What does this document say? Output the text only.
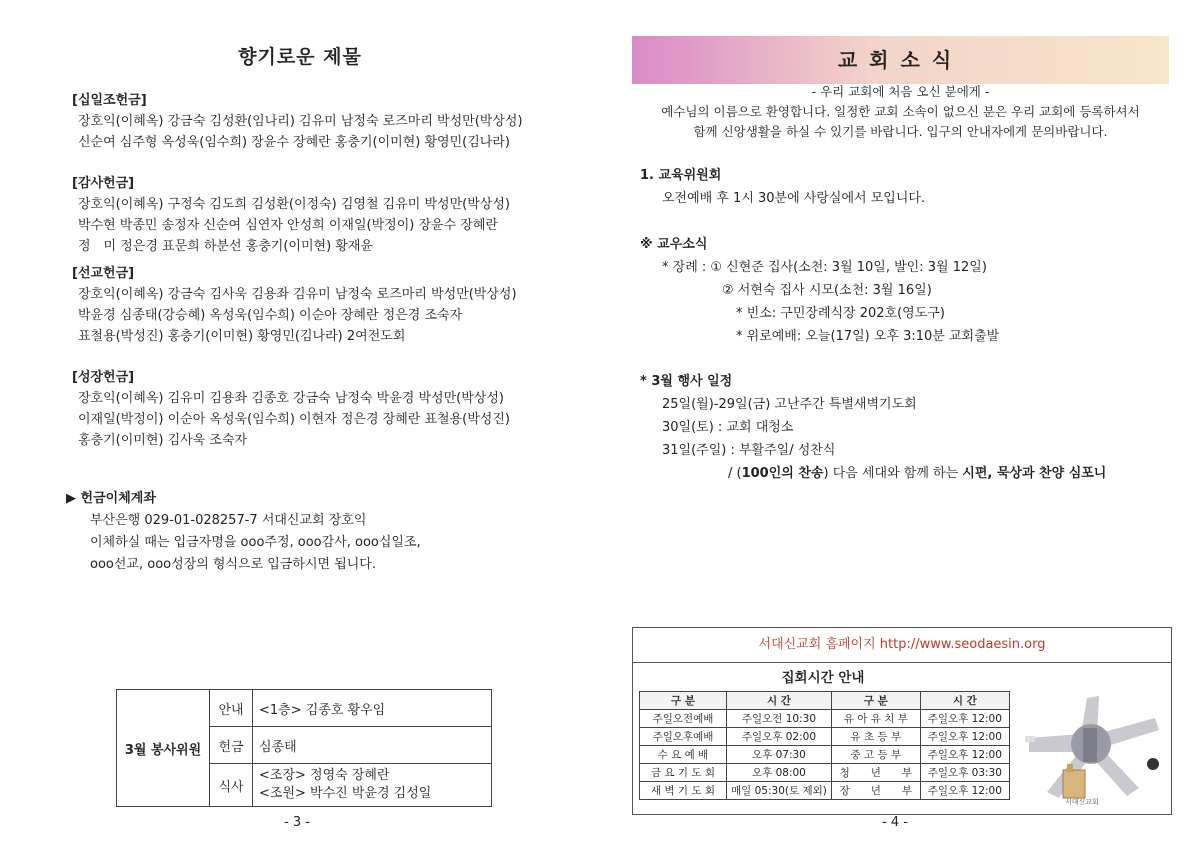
향기로운 제물
[십일조헌금]
장호익(이혜옥) 강금숙 김성환(임나리) 김유미 남정숙 로즈마리 박성만(박상성)
신순여 심주형 옥성욱(임수희) 장윤수 장혜란 홍충기(이미현) 황영민(김나라)
[감사헌금]
장호익(이혜옥) 구정숙 김도희 김성환(이정숙) 김영철 김유미 박성만(박상성)
박수현 박종민 송정자 신순여 심연자 안성희 이재일(박정이) 장윤수 장혜란
정　미 정은경 표문희 하분선 홍충기(이미현) 황재윤
[선교헌금]
장호익(이혜옥) 강금숙 김사욱 김용좌 김유미 남정숙 로즈마리 박성만(박상성)
박윤경 심종태(강승혜) 옥성욱(임수희) 이순아 장혜란 정은경 조숙자
표철용(박성진) 홍충기(이미현) 황영민(김나라) 2여전도회
[성장헌금]
장호익(이혜옥) 김유미 김용좌 김종호 강금숙 남정숙 박윤경 박성만(박상성)
이재일(박정이) 이순아 옥성욱(임수희) 이현자 정은경 장혜란 표철용(박성진)
홍충기(이미현) 김사욱 조숙자
▶ 헌금이체계좌
부산은행 029-01-028257-7 서대신교회 장호익
이체하실 때는 입금자명을 ooo주정, ooo감사, ooo십일조,
ooo선교, ooo성장의 형식으로 입금하시면 됩니다.
3월 봉사위원	안내	<1층> 김종호 황우임
	헌금	심종태
	식사	<조장> 정영숙 장혜란
<조원> 박수진 박윤경 김성일
- 3 -
교회소식
- 우리 교회에 처음 오신 분에게 -
예수님의 이름으로 환영합니다. 일정한 교회 소속이 없으신 분은 우리 교회에 등록하셔서
함께 신앙생활을 하실 수 있기를 바랍니다. 입구의 안내자에게 문의바랍니다.
1. 교육위원회
오전예배 후 1시 30분에 사랑실에서 모입니다.
※ 교우소식
* 장례 : ① 신현준 집사(소천: 3월 10일, 발인: 3월 12일)
② 서현숙 집사 시모(소천: 3월 16일)
* 빈소: 구민장례식장 202호(영도구)
* 위로예배: 오늘(17일) 오후 3:10분 교회출발
* 3월 행사 일정
25일(월)-29일(금) 고난주간 특별새벽기도회
30일(토) : 교회 대청소
31일(주일) : 부활주일/ 성찬식
/ (100인의 찬송) 다음 세대와 함께 하는 시편, 묵상과 찬양 심포니
서대신교회 홈페이지 http://www.seodaesin.org
집회시간 안내
구 분	시 간	구 분	시 간
주일오전예배	주일오전 10:30	유 아 유 치 부	주일오후 12:00
주일오후예배	주일오후 02:00	유 초 등 부	주일오후 12:00
수 요 예 배	오후 07:30	중 고 등 부	주일오후 12:00
금 요 기 도 회	오후 08:00	청　　년　　부	주일오후 03:30
새 벽 기 도 회	매일 05:30(토 제외)	장　　년　　부	주일오후 12:00
서대신교회
- 4 -
